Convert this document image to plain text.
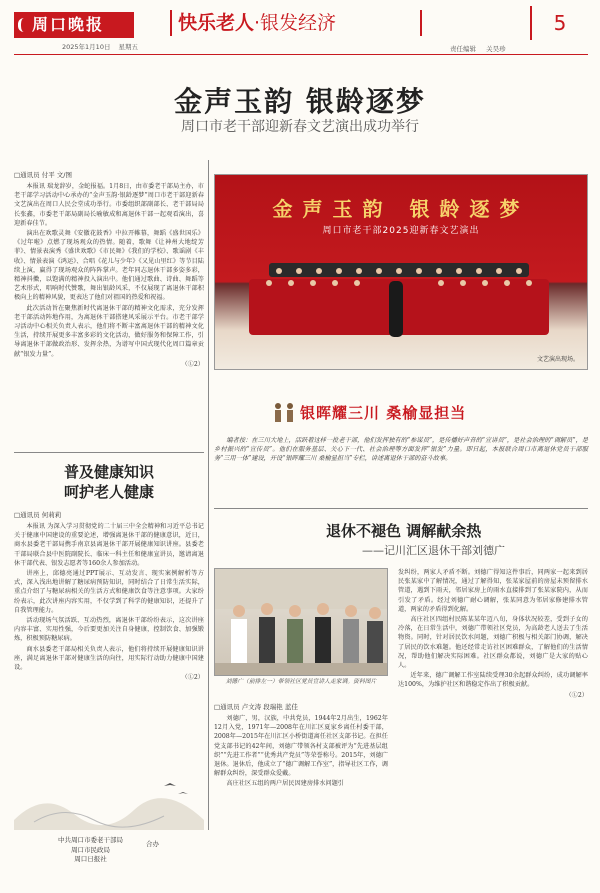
周口晚报
2025年1月10日 星期五
快乐老人·银发经济	5
责任编辑 关昊珍
金声玉韵 银龄逐梦
周口市老干部迎新春文艺演出成功举行
□通讯员 付平 文/图

本报讯 瑞龙辞岁，金蛇报福。1月8日，由市委老干部局主办，市老干部学习活动中心承办的“金声玉韵·银龄逐梦”周口市老干部迎新春文艺演出在周口人民会堂成功举行。市委组织部副部长、老干部局局长张鑫，市委老干部局副局长喻敏成和离退休干部一起观看演出，喜迎新春佳节。

演出在欢歌灵舞《安徽花鼓香》中拉开帷幕，舞蹈《盛世国乐》《过年啦》点燃了现场观众的热情。随着，歌舞《让神州大地绽芳菲》、情景表演秀《盛世欢歌》《市民舞》《我们的学校》、歌谣剧《丰收》、情景表演《鸿运》、合唱《花儿与少年》《又见山里红》等节目陆续上演，赢得了现场观众的阵阵掌声。老年同志退休干部多姿多彩，精神抖擞，以饱满的精神投入演出中。他们通过歌曲、诗曲、舞蹈等艺术形式，唱响时代赞歌，舞出银龄风采，不仅展现了离退休干部积极向上的精神风貌，更表达了他们对祖国的热爱和祝福。

此次活动旨在聚焦新时代离退休干部的精神文化需求，充分发挥老干部活动阵地作用，为离退休干部搭建风采展示平台。市老干部学习活动中心相关负责人表示，他们将不断丰富离退休干部的精神文化生活，持续开展更多丰富多彩的文化活动，做好服务和保障工作，引导离退休干部做政治形、发挥余热，为谱写中国式现代化周口篇章贡献“银发力量”。

（Ⓛ2）

金声玉韵 银龄逐梦
周口市老干部2025迎新春文艺演出
文艺演出现场。
银晖耀三川 桑榆显担当
编者按：在三川大地上，活跃着这样一批老干部，他们发挥独有的“参谋员”，是传播好声音的“宣讲员”，是社会治理的“调解员”，是乡村振兴的“宣传员”。他们在服务基层、关心下一代、社会治理等方面发挥“银发”力量。即日起，本报联合周口市离退休党员干部服务“三用一体”建设，开设“银晖耀三川 桑榆显担当”专栏，讲述离退休干部的奋斗故事。
普及健康知识
呵护老人健康
□通讯员 何莉莉

本报讯 为深入学习贯彻党的二十届三中全会精神和习近平总书记关于健康中国建设的重要论述，增强离退休干部的健康意识，近日，商水县委老干部局携手南京县离退休干部开展健康知识讲座。县委老干部局联合县中医院副院长、临床一科主任和健康宣讲员，邀请离退休干部代表、银发志愿者等160余人参加活动。

讲座上，邱德亮通过PPT展示、互动发言、现实案例解析等方式，深入浅出地讲解了糖尿病预防知识，同时结合了日常生活实际，重点介绍了与糖尿病相关的生活方式和健康饮食等注意事项。大家纷纷表示，此次讲座内容实用，不仅学到了科学的健康知识，还提升了自我管理能力。

活动现场气氛活跃、互动热烈，离退休干部纷纷表示，这次讲座内容丰富、实用性强，今后要更加关注自身健康，控制饮食、加强锻炼，积极预防糖尿病。

商水县委老干部局相关负责人表示，他们将持续开展健康知识讲座，满足离退休干部对健康生活的向往，用实际行动助力健康中国建设。

（Ⓛ2）

退休不褪色 调解献余热
——记川汇区退休干部刘德广
刘德广（前排左一）带领社区党员宣讲人走家调。资料图片
□通讯员 卢文涛 段瑞艳 蓝佳

刘德广，男，汉族，中共党员，1944年2月出生，1962年12月入党，1971年—2008年在川汇区夏家乡离任村委干部，2008年—2015年在川汇区小桥街道离任社区支部书记。在担任党支部书记的42年间，刘德广带领各村支部被评为“先进基层组织”“先进工作者”“优秀共产党员”等荣誉称号。2015年，刘德广退休。退休后，他成立了“德广调解工作室”，指导社区工作，调解群众纠纷，深受群众爱戴。

高庄社区五组的两户居民因建房排水问题引

发纠纷，两家人矛盾不断。刘德广得知这件事后，同两家一起来到居民张某家中了解情况，通过了解得知，张某家屋前的房屋未预留排水管道，遇到下雨天，邻居家房上的雨水直接排到了张某家院内，从而引发了矛盾。经过刘德广耐心调解，张某同意为邻居家修建排水管道，两家的矛盾得到化解。

高庄社区四组村民陈某某年迈八旬，身体状况较差，受到子女的冷落，在日常生活中，刘德广带领社区党员，为高龄老人送去了生活物资。同时，针对居民饮水问题，刘德广积极与相关部门协调，解决了居民的饮水难题。他还经常走访社区困难群众，了解他们的生活情况，帮助他们解决实际困难。社区群众都说，刘德广是大家的贴心人。

近年来，德广调解工作室陆续受理30余起群众纠纷，成功调解率达100%，为维护社区和谐稳定作出了积极贡献。

（Ⓛ2）

中共周口市委老干部局
周口市民政局
周口日报社
合办
